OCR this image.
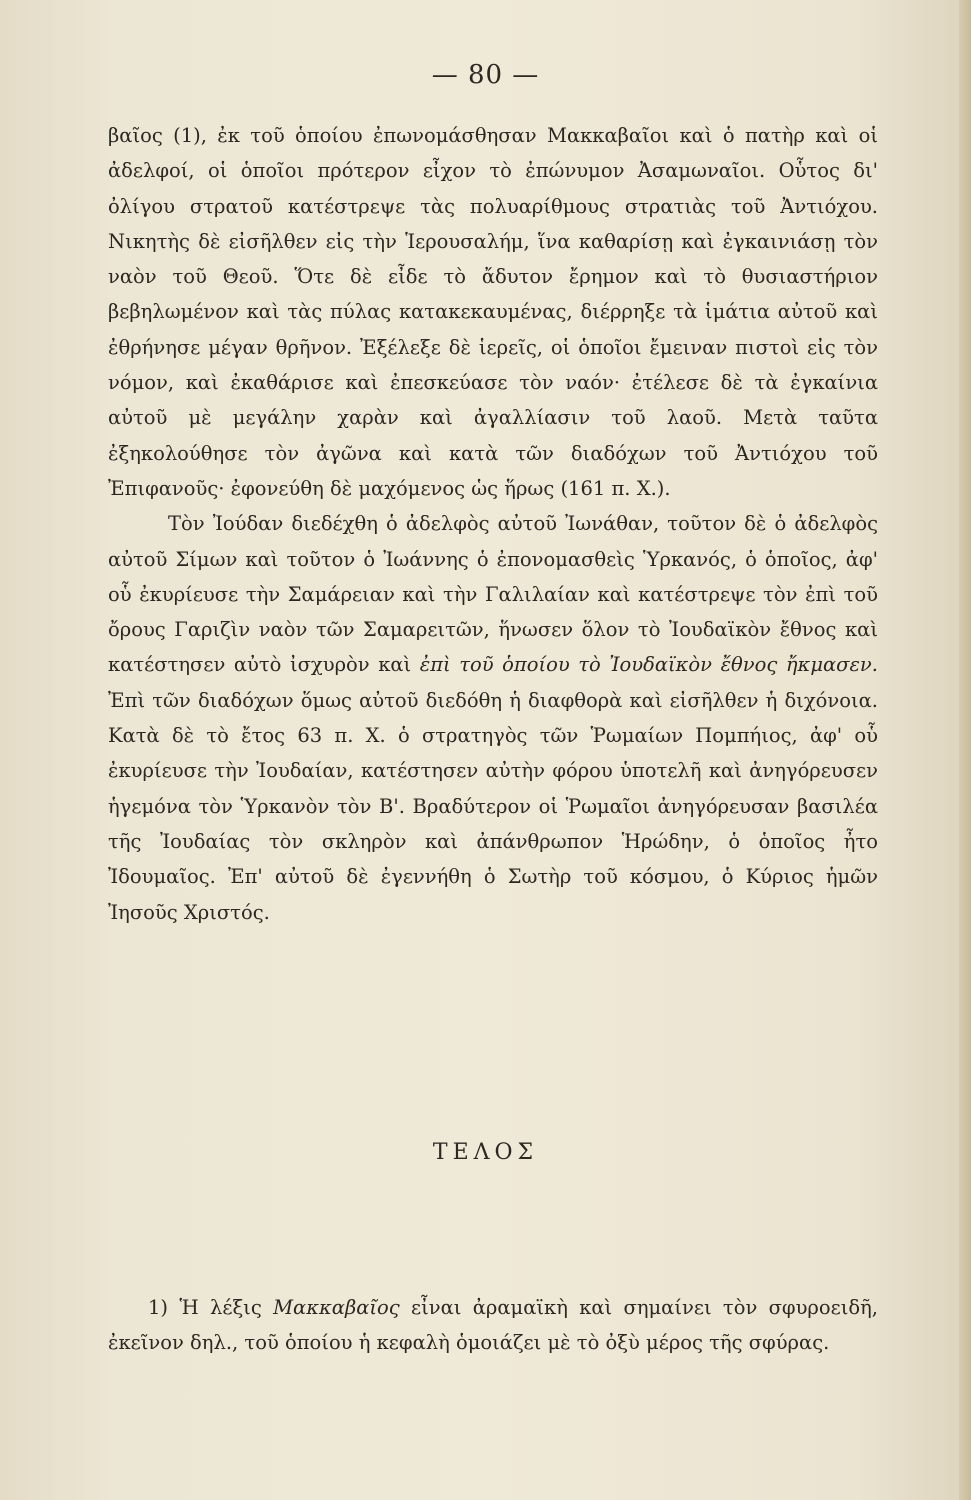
— 80 —

βαῖος (1), ἐκ τοῦ ὁποίου ἐπωνομάσθησαν Μακκαβαῖοι καὶ ὁ πατὴρ καὶ οἱ ἀδελφοί, οἱ ὁποῖοι πρότερον εἶχον τὸ ἐπώνυμον Ἀσαμωναῖοι. Οὗτος δι' ὀλίγου στρατοῦ κατέστρεψε τὰς πολυαρίθμους στρατιὰς τοῦ Ἀντιόχου. Νικητὴς δὲ εἰσῆλθεν εἰς τὴν Ἱερουσαλήμ, ἵνα καθαρίσῃ καὶ ἐγκαινιάσῃ τὸν ναὸν τοῦ Θεοῦ. Ὅτε δὲ εἶδε τὸ ἄδυτον ἔρημον καὶ τὸ θυσιαστήριον βεβηλωμένον καὶ τὰς πύλας κατακεκαυμένας, διέρρηξε τὰ ἱμάτια αὐτοῦ καὶ ἐθρήνησε μέγαν θρῆνον. Ἐξέλεξε δὲ ἱερεῖς, οἱ ὁποῖοι ἔμειναν πιστοὶ εἰς τὸν νόμον, καὶ ἐκαθάρισε καὶ ἐπεσκεύασε τὸν ναόν· ἐτέλεσε δὲ τὰ ἐγκαίνια αὐτοῦ μὲ μεγάλην χαρὰν καὶ ἀγαλλίασιν τοῦ λαοῦ. Μετὰ ταῦτα ἐξηκολούθησε τὸν ἀγῶνα καὶ κατὰ τῶν διαδόχων τοῦ Ἀντιόχου τοῦ Ἐπιφανοῦς· ἐφονεύθη δὲ μαχόμενος ὡς ἥρως (161 π. Χ.).

Τὸν Ἰούδαν διεδέχθη ὁ ἀδελφὸς αὐτοῦ Ἰωνάθαν, τοῦτον δὲ ὁ ἀδελφὸς αὐτοῦ Σίμων καὶ τοῦτον ὁ Ἰωάννης ὁ ἐπονομασθεὶς Ὑρκανός, ὁ ὁποῖος, ἀφ' οὗ ἐκυρίευσε τὴν Σαμάρειαν καὶ τὴν Γαλιλαίαν καὶ κατέστρεψε τὸν ἐπὶ τοῦ ὄρους Γαριζὶν ναὸν τῶν Σαμαρειτῶν, ἥνωσεν ὅλον τὸ Ἰουδαϊκὸν ἔθνος καὶ κατέστησεν αὐτὸ ἰσχυρὸν καὶ ἐπὶ τοῦ ὁποίου τὸ Ἰουδαϊκὸν ἔθνος ἤκμασεν. Ἐπὶ τῶν διαδόχων ὅμως αὐτοῦ διεδόθη ἡ διαφθορὰ καὶ εἰσῆλθεν ἡ διχόνοια. Κατὰ δὲ τὸ ἔτος 63 π. Χ. ὁ στρατηγὸς τῶν Ῥωμαίων Πομπήιος, ἀφ' οὗ ἐκυρίευσε τὴν Ἰουδαίαν, κατέστησεν αὐτὴν φόρου ὑποτελῆ καὶ ἀνηγόρευσεν ἡγεμόνα τὸν Ὑρκανὸν τὸν Β'. Βραδύτερον οἱ Ῥωμαῖοι ἀνηγόρευσαν βασιλέα τῆς Ἰουδαίας τὸν σκληρὸν καὶ ἀπάνθρωπον Ἡρώδην, ὁ ὁποῖος ἦτο Ἰδουμαῖος. Ἐπ' αὐτοῦ δὲ ἐγεννήθη ὁ Σωτὴρ τοῦ κόσμου, ὁ Κύριος ἡμῶν Ἰησοῦς Χριστός.

ΤΕΛΟΣ

1) Ἡ λέξις Μακκαβαῖος εἶναι ἀραμαϊκὴ καὶ σημαίνει τὸν σφυροειδῆ, ἐκεῖνον δηλ., τοῦ ὁποίου ἡ κεφαλὴ ὁμοιάζει μὲ τὸ ὀξὺ μέρος τῆς σφύρας.
